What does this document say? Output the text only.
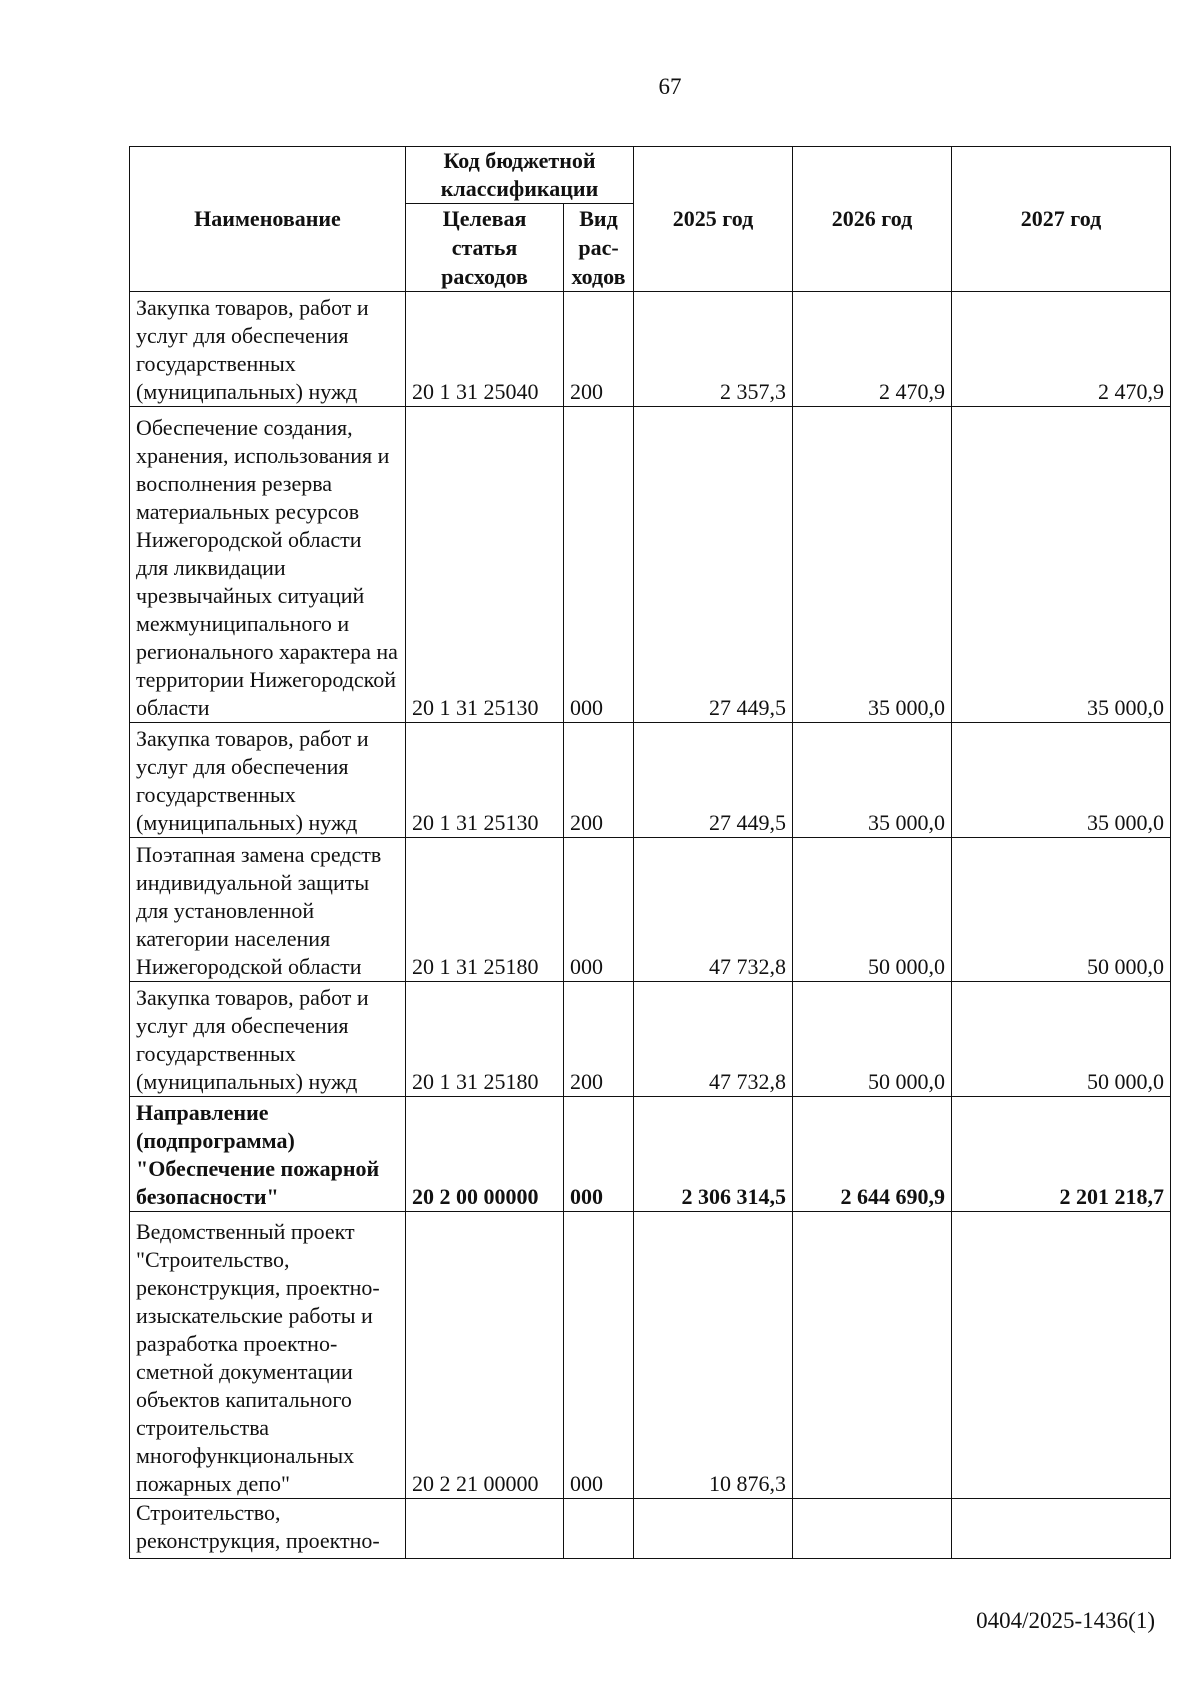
67
Наименование	Код бюджетной классификации		2025 год	2026 год	2027 год
	Целевая статья расходов	Вид рас-ходов			
Закупка товаров, работ и услуг для обеспечения государственных (муниципальных) нужд	20 1 31 25040	200	2 357,3	2 470,9	2 470,9
Обеспечение создания, хранения, использования и восполнения резерва материальных ресурсов Нижегородской области для ликвидации чрезвычайных ситуаций межмуниципального и регионального характера на территории Нижегородской области	20 1 31 25130	000	27 449,5	35 000,0	35 000,0
Закупка товаров, работ и услуг для обеспечения государственных (муниципальных) нужд	20 1 31 25130	200	27 449,5	35 000,0	35 000,0
Поэтапная замена средств индивидуальной защиты для установленной категории населения Нижегородской области	20 1 31 25180	000	47 732,8	50 000,0	50 000,0
Закупка товаров, работ и услуг для обеспечения государственных (муниципальных) нужд	20 1 31 25180	200	47 732,8	50 000,0	50 000,0
Направление (подпрограмма) "Обеспечение пожарной безопасности"	20 2 00 00000	000	2 306 314,5	2 644 690,9	2 201 218,7
Ведомственный проект "Строительство, реконструкция, проектно-изыскательские работы и разработка проектно-сметной документации объектов капитального строительства многофункциональных пожарных депо"	20 2 21 00000	000	10 876,3		
Строительство, реконструкция, проектно-					
0404/2025-1436(1)
